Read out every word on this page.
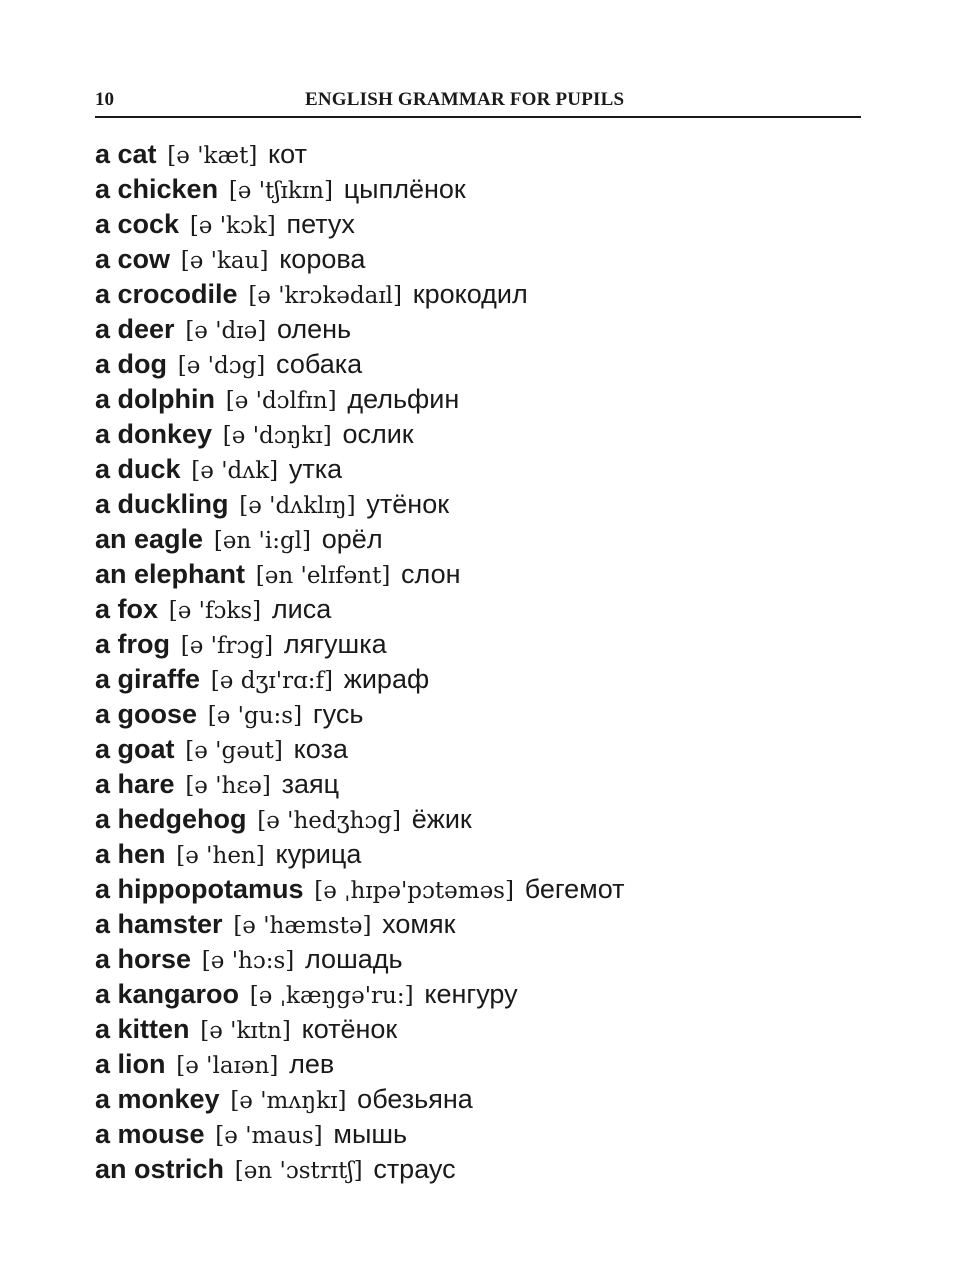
10	ENGLISH GRAMMAR FOR PUPILS
a cat [ə 'kæt] кот
a chicken [ə 'tʃɪkɪn] цыплёнок
a cock [ə 'kɔk] петух
a cow [ə 'kau] корова
a crocodile [ə 'krɔkədaɪl] крокодил
a deer [ə 'dɪə] олень
a dog [ə 'dɔg] собака
a dolphin [ə 'dɔlfɪn] дельфин
a donkey [ə 'dɔŋkɪ] ослик
a duck [ə 'dʌk] утка
a duckling [ə 'dʌklɪŋ] утёнок
an eagle [ən 'i:gl] орёл
an elephant [ən 'elɪfənt] слон
a fox [ə 'fɔks] лиса
a frog [ə 'frɔg] лягушка
a giraffe [ə dʒɪ'rɑ:f] жираф
a goose [ə 'gu:s] гусь
a goat [ə 'gəut] коза
a hare [ə 'hɛə] заяц
a hedgehog [ə 'hedʒhɔg] ёжик
a hen [ə 'hen] курица
a hippopotamus [ə ˌhɪpə'pɔtəməs] бегемот
a hamster [ə 'hæmstə] хомяк
a horse [ə 'hɔ:s] лошадь
a kangaroo [ə ˌkæŋgə'ru:] кенгуру
a kitten [ə 'kɪtn] котёнок
a lion [ə 'laɪən] лев
a monkey [ə 'mʌŋkɪ] обезьяна
a mouse [ə 'maus] мышь
an ostrich [ən 'ɔstrɪtʃ] страус
